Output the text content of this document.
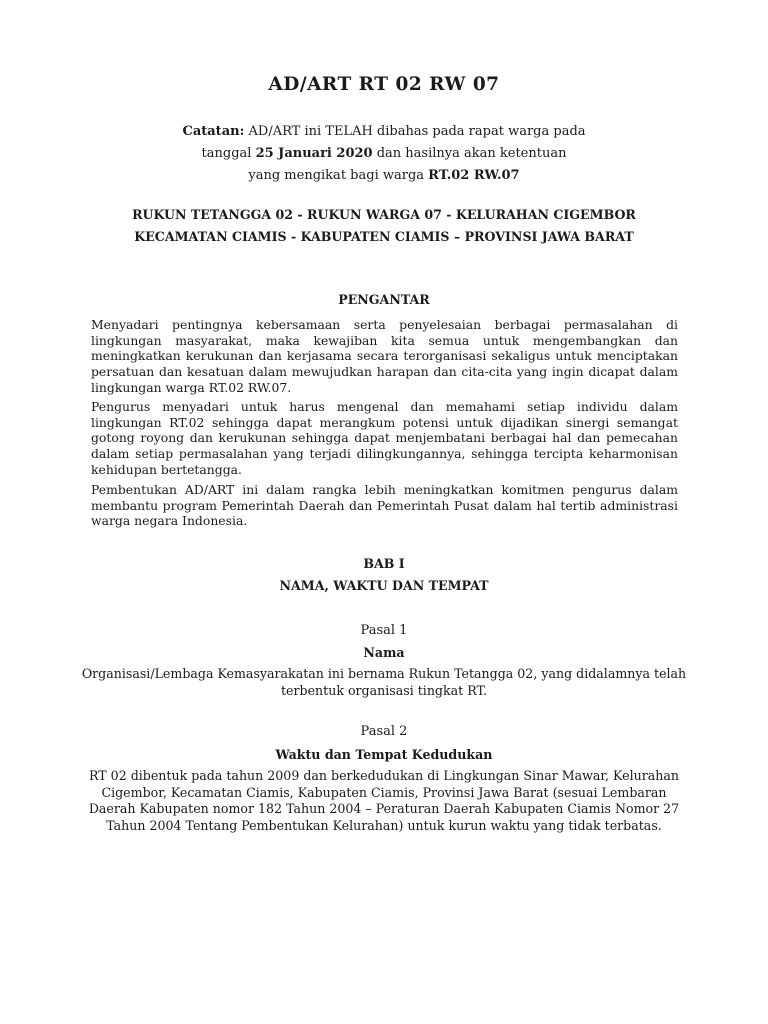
AD/ART RT 02 RW 07
Catatan: AD/ART ini TELAH dibahas pada rapat warga pada
tanggal 25 Januari 2020 dan hasilnya akan ketentuan
yang mengikat bagi warga RT.02 RW.07
RUKUN TETANGGA 02 - RUKUN WARGA 07 - KELURAHAN CIGEMBOR
KECAMATAN CIAMIS - KABUPATEN CIAMIS – PROVINSI JAWA BARAT
PENGANTAR
Menyadari pentingnya kebersamaan serta penyelesaian berbagai permasalahan di lingkungan masyarakat, maka kewajiban kita semua untuk mengembangkan dan meningkatkan kerukunan dan kerjasama secara terorganisasi sekaligus untuk menciptakan persatuan dan kesatuan dalam mewujudkan harapan dan cita-cita yang ingin dicapat dalam lingkungan warga RT.02 RW.07.
Pengurus menyadari untuk harus mengenal dan memahami setiap individu dalam lingkungan RT.02 sehingga dapat merangkum potensi untuk dijadikan sinergi semangat gotong royong dan kerukunan sehingga dapat menjembatani berbagai hal dan pemecahan dalam setiap permasalahan yang terjadi dilingkungannya, sehingga tercipta keharmonisan kehidupan bertetangga.
Pembentukan AD/ART ini dalam rangka lebih meningkatkan komitmen pengurus dalam membantu program Pemerintah Daerah dan Pemerintah Pusat dalam hal tertib administrasi warga negara Indonesia.
BAB I
NAMA, WAKTU DAN TEMPAT
Pasal 1
Nama
Organisasi/Lembaga Kemasyarakatan ini bernama Rukun Tetangga 02, yang didalamnya telah terbentuk organisasi tingkat RT.
Pasal 2
Waktu dan Tempat Kedudukan
RT 02 dibentuk pada tahun 2009 dan berkedudukan di Lingkungan Sinar Mawar, Kelurahan Cigembor, Kecamatan Ciamis, Kabupaten Ciamis, Provinsi Jawa Barat (sesuai Lembaran Daerah Kabupaten nomor 182 Tahun 2004 – Peraturan Daerah Kabupaten Ciamis Nomor 27 Tahun 2004 Tentang Pembentukan Kelurahan) untuk kurun waktu yang tidak terbatas.
